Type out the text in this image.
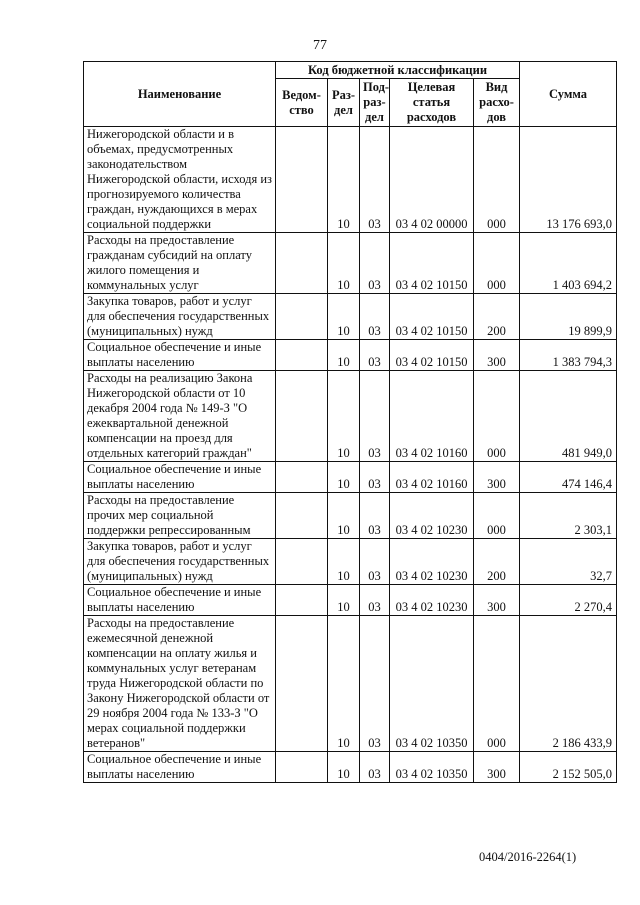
77
Наименование	Код бюджетной классификации					Сумма
	Ведом-ство	Раз-дел	Под-раз-дел	Целевая статья расходов	Вид расхо-дов	
Нижегородской области и в объемах, предусмотренных законодательством Нижегородской области, исходя из прогнозируемого количества граждан, нуждающихся в мерах социальной поддержки		10	03	03 4 02 00000	000	13 176 693,0
Расходы на предоставление гражданам субсидий на оплату жилого помещения и коммунальных услуг		10	03	03 4 02 10150	000	1 403 694,2
Закупка товаров, работ и услуг для обеспечения государственных (муниципальных) нужд		10	03	03 4 02 10150	200	19 899,9
Социальное обеспечение и иные выплаты населению		10	03	03 4 02 10150	300	1 383 794,3
Расходы на реализацию Закона Нижегородской области от 10 декабря 2004 года № 149-З "О ежеквартальной денежной компенсации на проезд для отдельных категорий граждан"		10	03	03 4 02 10160	000	481 949,0
Социальное обеспечение и иные выплаты населению		10	03	03 4 02 10160	300	474 146,4
Расходы на предоставление прочих мер социальной поддержки репрессированным		10	03	03 4 02 10230	000	2 303,1
Закупка товаров, работ и услуг для обеспечения государственных (муниципальных) нужд		10	03	03 4 02 10230	200	32,7
Социальное обеспечение и иные выплаты населению		10	03	03 4 02 10230	300	2 270,4
Расходы на предоставление ежемесячной денежной компенсации на оплату жилья и коммунальных услуг ветеранам труда Нижегородской области по Закону Нижегородской области от 29 ноября 2004 года № 133-З "О мерах социальной поддержки ветеранов"		10	03	03 4 02 10350	000	2 186 433,9
Социальное обеспечение и иные выплаты населению		10	03	03 4 02 10350	300	2 152 505,0
0404/2016-2264(1)
